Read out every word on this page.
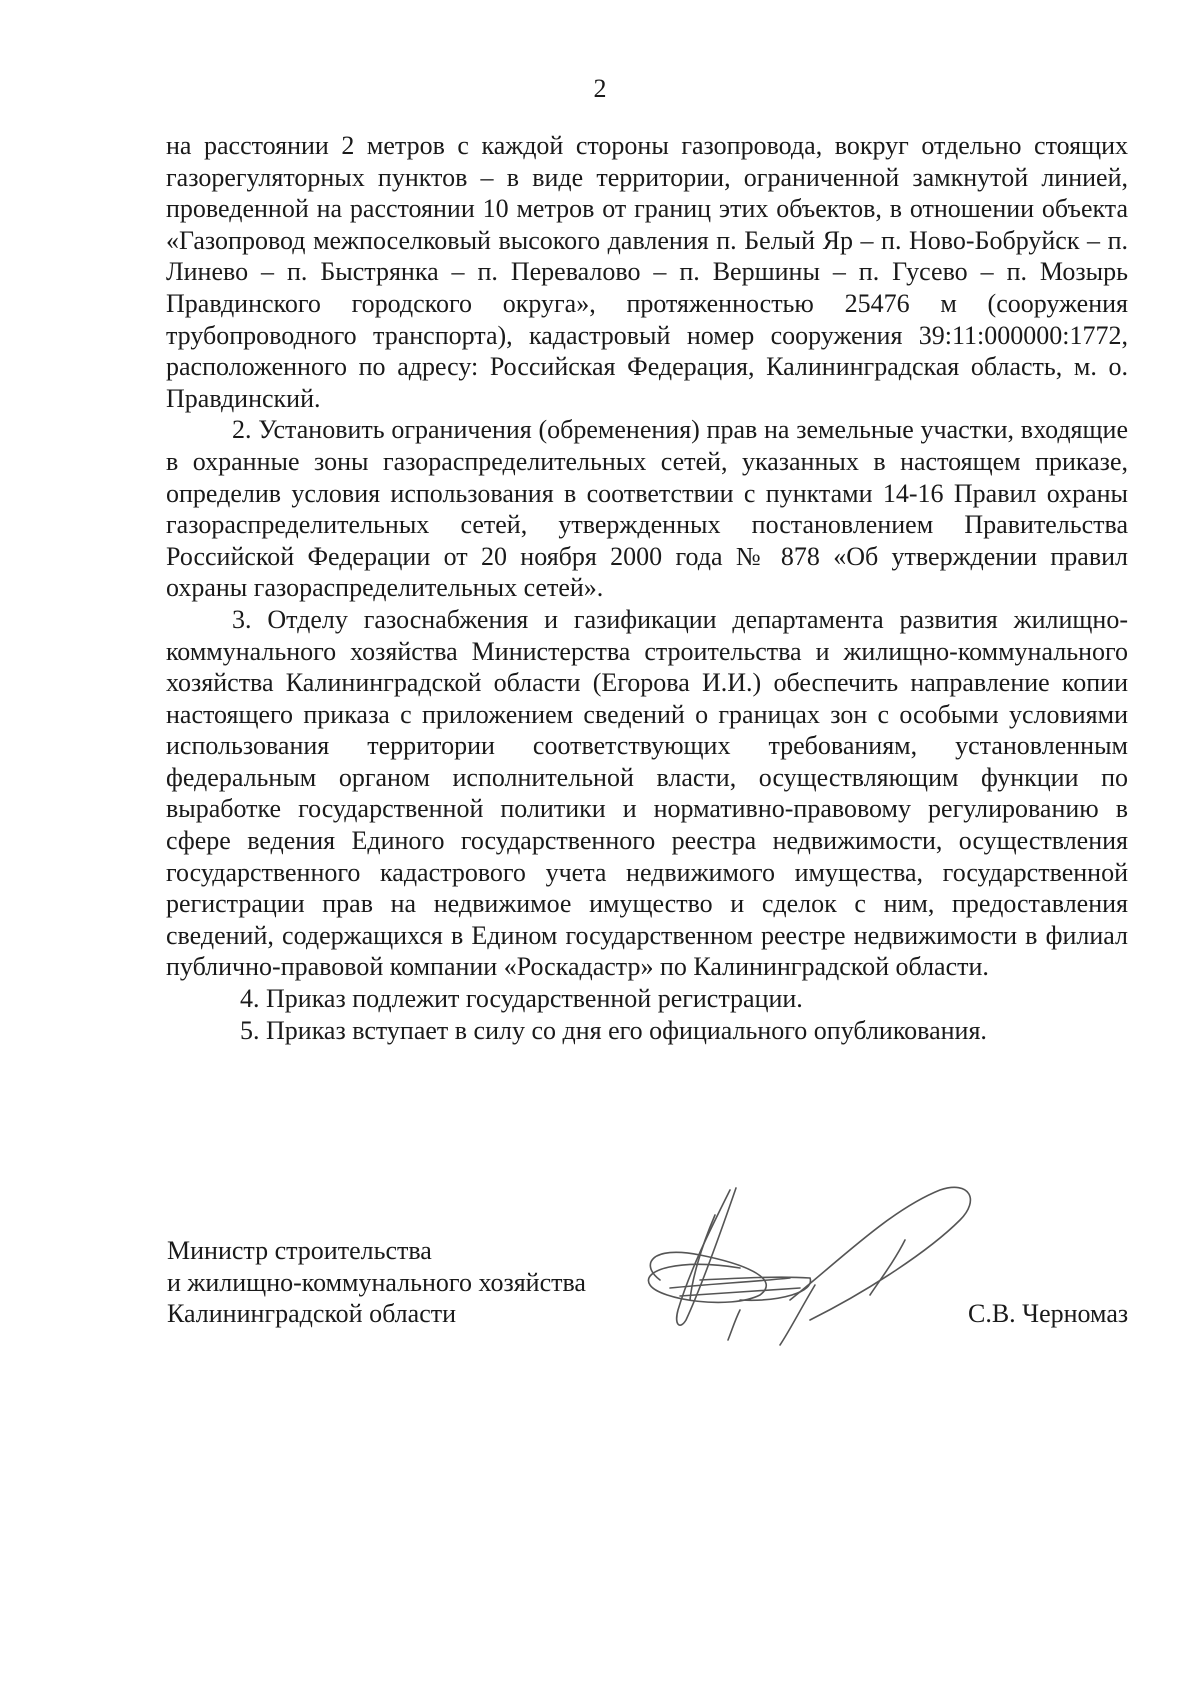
2

на расстоянии 2 метров с каждой стороны газопровода, вокруг отдельно стоящих газорегуляторных пунктов – в виде территории, ограниченной замкнутой линией, проведенной на расстоянии 10 метров от границ этих объектов, в отношении объекта «Газопровод межпоселковый высокого давления п. Белый Яр – п. Ново-Бобруйск – п. Линево – п. Быстрянка – п. Перевалово – п. Вершины – п. Гусево – п. Мозырь Правдинского городского округа», протяженностью 25476 м (сооружения трубопроводного транспорта), кадастровый номер сооружения 39:11:000000:1772, расположенного по адресу: Российская Федерация, Калининградская область, м. о. Правдинский.

2. Установить ограничения (обременения) прав на земельные участки, входящие в охранные зоны газораспределительных сетей, указанных в настоящем приказе, определив условия использования в соответствии с пунктами 14-16 Правил охраны газораспределительных сетей, утвержденных постановлением Правительства Российской Федерации от 20 ноября 2000 года № 878 «Об утверждении правил охраны газораспределительных сетей».

3. Отделу газоснабжения и газификации департамента развития жилищно-коммунального хозяйства Министерства строительства и жилищно-коммунального хозяйства Калининградской области (Егорова И.И.) обеспечить направление копии настоящего приказа с приложением сведений о границах зон с особыми условиями использования территории соответствующих требованиям, установленным федеральным органом исполнительной власти, осуществляющим функции по выработке государственной политики и нормативно-правовому регулированию в сфере ведения Единого государственного реестра недвижимости, осуществления государственного кадастрового учета недвижимого имущества, государственной регистрации прав на недвижимое имущество и сделок с ним, предоставления сведений, содержащихся в Едином государственном реестре недвижимости в филиал публично-правовой компании «Роскадастр» по Калининградской области.

4. Приказ подлежит государственной регистрации.

5. Приказ вступает в силу со дня его официального опубликования.

Министр строительства
и жилищно-коммунального хозяйства
Калининградской области	С.В. Черномаз
